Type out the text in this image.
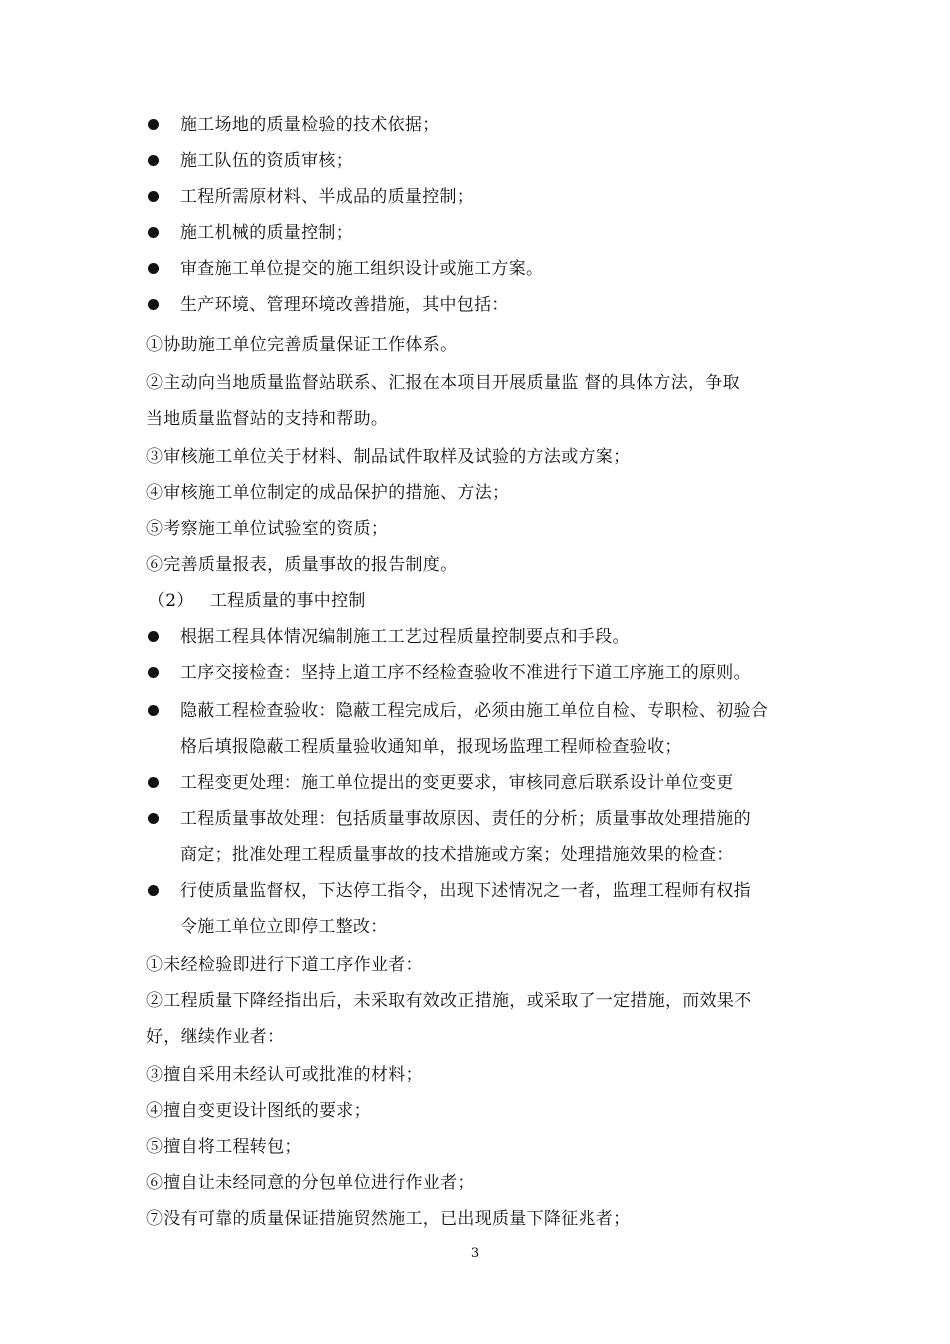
施工场地的质量检验的技术依据；
施工队伍的资质审核；
工程所需原材料、半成品的质量控制；
施工机械的质量控制；
审查施工单位提交的施工组织设计或施工方案。
生产环境、管理环境改善措施，其中包括：
①协助施工单位完善质量保证工作体系。
②主动向当地质量监督站联系、汇报在本项目开展质量监 督的具体方法，争取
当地质量监督站的支持和帮助。
③审核施工单位关于材料、制品试件取样及试验的方法或方案；
④审核施工单位制定的成品保护的措施、方法；
⑤考察施工单位试验室的资质；
⑥完善质量报表，质量事故的报告制度。
（2） 工程质量的事中控制
根据工程具体情况编制施工工艺过程质量控制要点和手段。
工序交接检查：坚持上道工序不经检查验收不准进行下道工序施工的原则。
隐蔽工程检查验收：隐蔽工程完成后，必须由施工单位自检、专职检、初验合
格后填报隐蔽工程质量验收通知单，报现场监理工程师检查验收；
工程变更处理：施工单位提出的变更要求，审核同意后联系设计单位变更
工程质量事故处理：包括质量事故原因、责任的分析；质量事故处理措施的
商定；批准处理工程质量事故的技术措施或方案；处理措施效果的检查：
行使质量监督权，下达停工指令，出现下述情况之一者，监理工程师有权指
令施工单位立即停工整改：
①未经检验即进行下道工序作业者：
②工程质量下降经指出后，未采取有效改正措施，或采取了一定措施，而效果不
好，继续作业者：
③擅自采用未经认可或批准的材料；
④擅自变更设计图纸的要求；
⑤擅自将工程转包；
⑥擅自让未经同意的分包单位进行作业者；
⑦没有可靠的质量保证措施贸然施工，已出现质量下降征兆者；
3
